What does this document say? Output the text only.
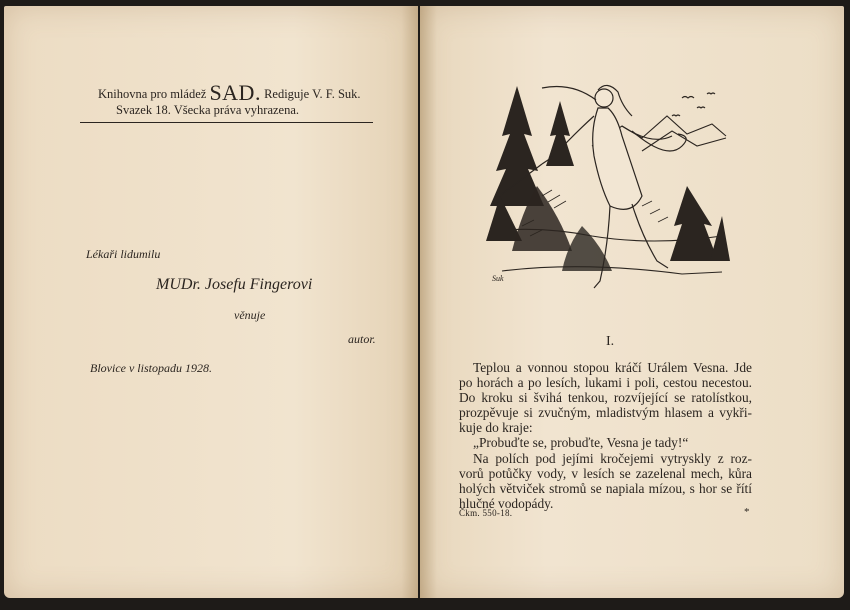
Knihovna pro mládež SAD. Rediguje V. F. Suk.
Svazek 18. Všecka práva vyhrazena.
Lékaři lidumilu
MUDr. Josefu Fingerovi
věnuje
autor.
Blovice v listopadu 1928.
Suk
I.

Teplou a vonnou stopou kráčí Urálem Vesna. Jde
po horách a po lesích, lukami i poli, cestou necestou.
Do kroku si švihá tenkou, rozvíjející se ratolístkou,
prozpěvuje si zvučným, mladistvým hlasem a vykři-
kuje do kraje:

„Probuďte se, probuďte, Vesna je tady!“

Na polích pod jejími kročejemi vytryskly z roz-
vorů potůčky vody, v lesích se zazelenal mech, kůra
holých větviček stromů se napiala mízou, s hor se řítí
hlučné vodopády.

Čkm. 550-18.	*
